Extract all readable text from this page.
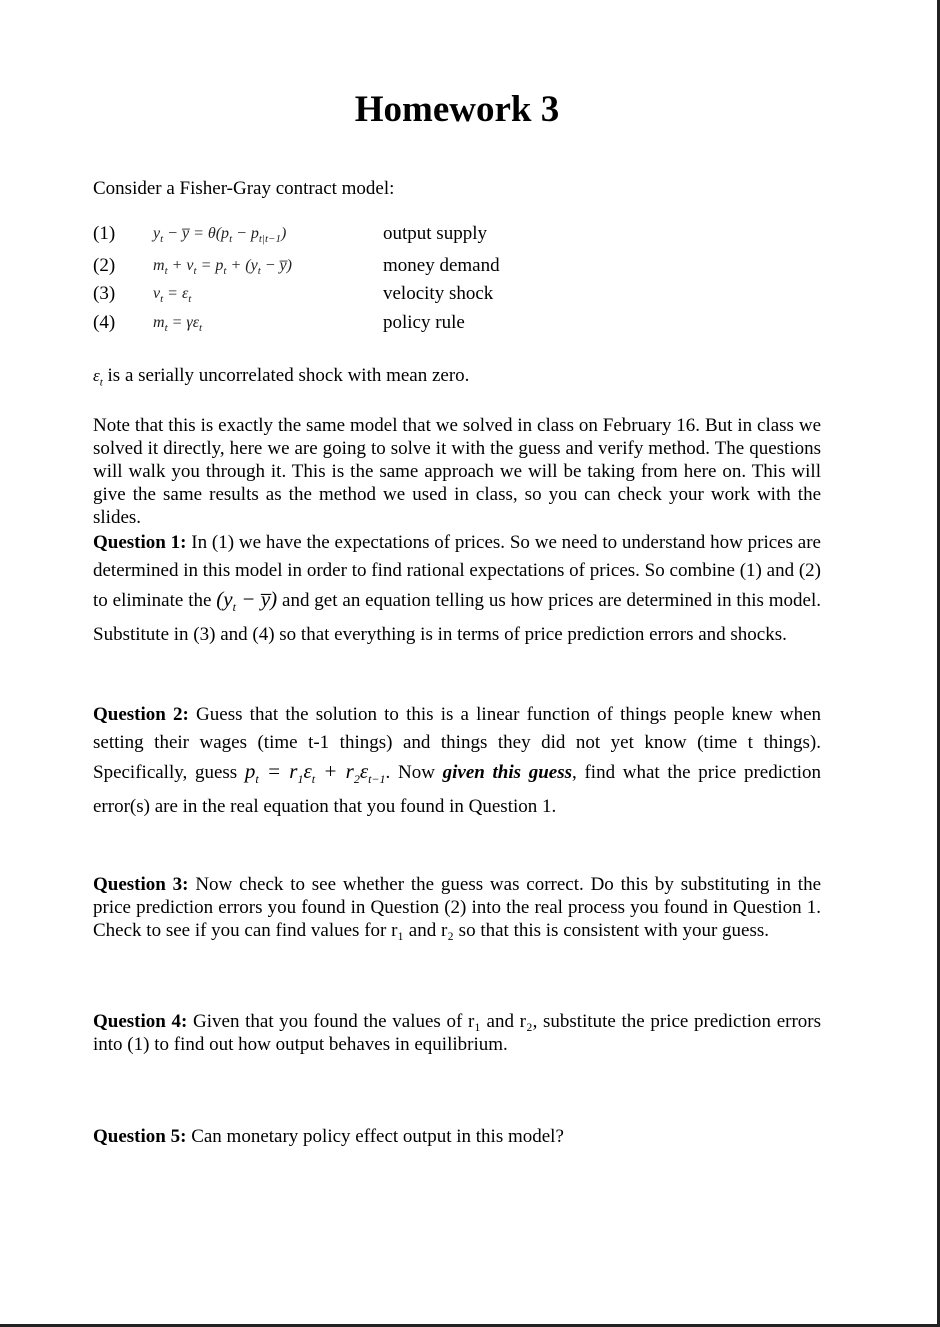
Homework 3

Consider a Fisher-Gray contract model:

(1) $y_t$ − y̅ = $\theta(p_t - p_{t|t-1})$	output supply
(2) $m_t + v_t = p_t + (y_t$ − y̅)	money demand
(3) $v_t = \varepsilon_t$	velocity shock
(4) $m_t = \gamma\varepsilon_t$	policy rule

$\varepsilon_t$ is a serially uncorrelated shock with mean zero.

Note that this is exactly the same model that we solved in class on February 16. But in class we solved it directly, here we are going to solve it with the guess and verify method. The questions will walk you through it. This is the same approach we will be taking from here on. This will give the same results as the method we used in class, so you can check your work with the slides.

Question 1: In (1) we have the expectations of prices. So we need to understand how prices are determined in this model in order to find rational expectations of prices. So combine (1) and (2) to eliminate the ($y_t$ − y̅) and get an equation telling us how prices are determined in this model. Substitute in (3) and (4) so that everything is in terms of price prediction errors and shocks.

Question 2: Guess that the solution to this is a linear function of things people knew when setting their wages (time t-1 things) and things they did not yet know (time t things). Specifically, guess $p_t = r_1\varepsilon_t + r_2\varepsilon_{t-1}$. Now given this guess, find what the price prediction error(s) are in the real equation that you found in Question 1.

Question 3: Now check to see whether the guess was correct. Do this by substituting in the price prediction errors you found in Question (2) into the real process you found in Question 1. Check to see if you can find values for r₁ and r₂ so that this is consistent with your guess.

Question 4: Given that you found the values of r₁ and r₂, substitute the price prediction errors into (1) to find out how output behaves in equilibrium.

Question 5: Can monetary policy effect output in this model?
